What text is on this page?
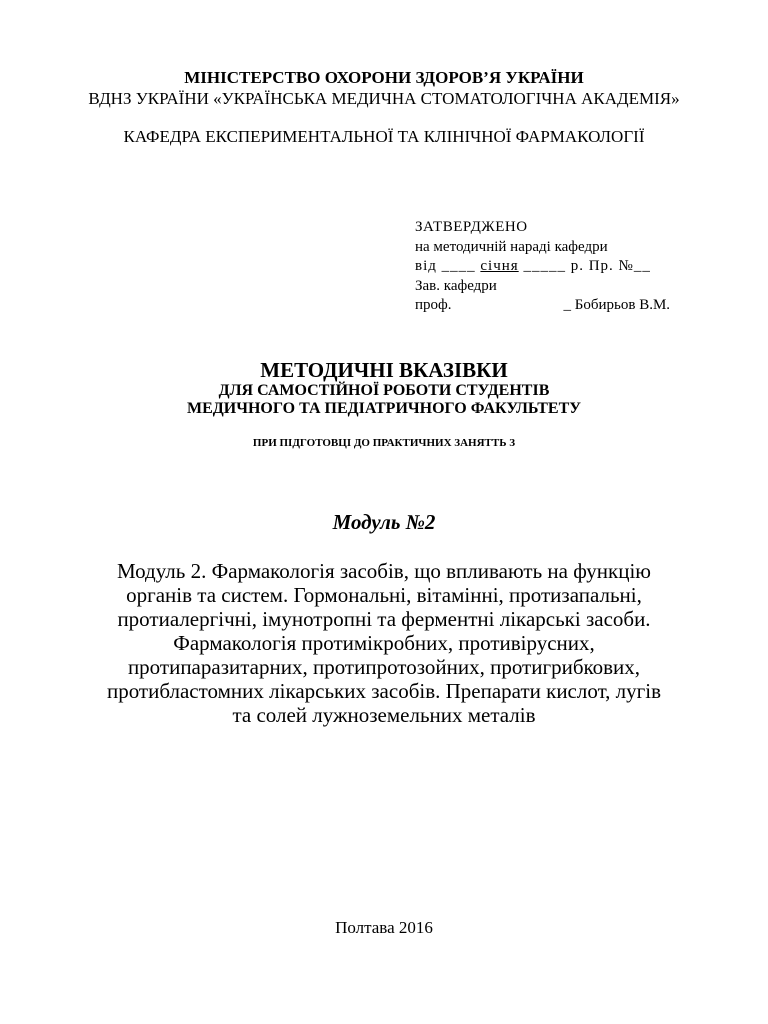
МІНІСТЕРСТВО ОХОРОНИ ЗДОРОВ’Я УКРАЇНИ
ВДНЗ УКРАЇНИ «УКРАЇНСЬКА МЕДИЧНА СТОМАТОЛОГІЧНА АКАДЕМІЯ»
КАФЕДРА ЕКСПЕРИМЕНТАЛЬНОЇ ТА КЛІНІЧНОЇ ФАРМАКОЛОГІЇ
ЗАТВЕРДЖЕНО
на методичній нараді кафедри
від ____ січня _____ р. Пр. №__
Зав. кафедри
проф.	_ Бобирьов В.М.
МЕТОДИЧНІ ВКАЗІВКИ
ДЛЯ САМОСТІЙНОЇ РОБОТИ СТУДЕНТІВ
МЕДИЧНОГО ТА ПЕДІАТРИЧНОГО ФАКУЛЬТЕТУ
ПРИ ПІДГОТОВЦІ ДО ПРАКТИЧНИХ ЗАНЯТТЬ З
Модуль №2
Модуль 2. Фармакологія засобів, що впливають на функцію
органів та систем. Гормональні, вітамінні, протизапальні,
протиалергічні, імунотропні та ферментні лікарські засоби.
Фармакологія протимікробних, противірусних,
протипаразитарних, протипротозойних, протигрибкових,
протибластомних лікарських засобів. Препарати кислот, лугів
та солей лужноземельних металів
Полтава 2016
